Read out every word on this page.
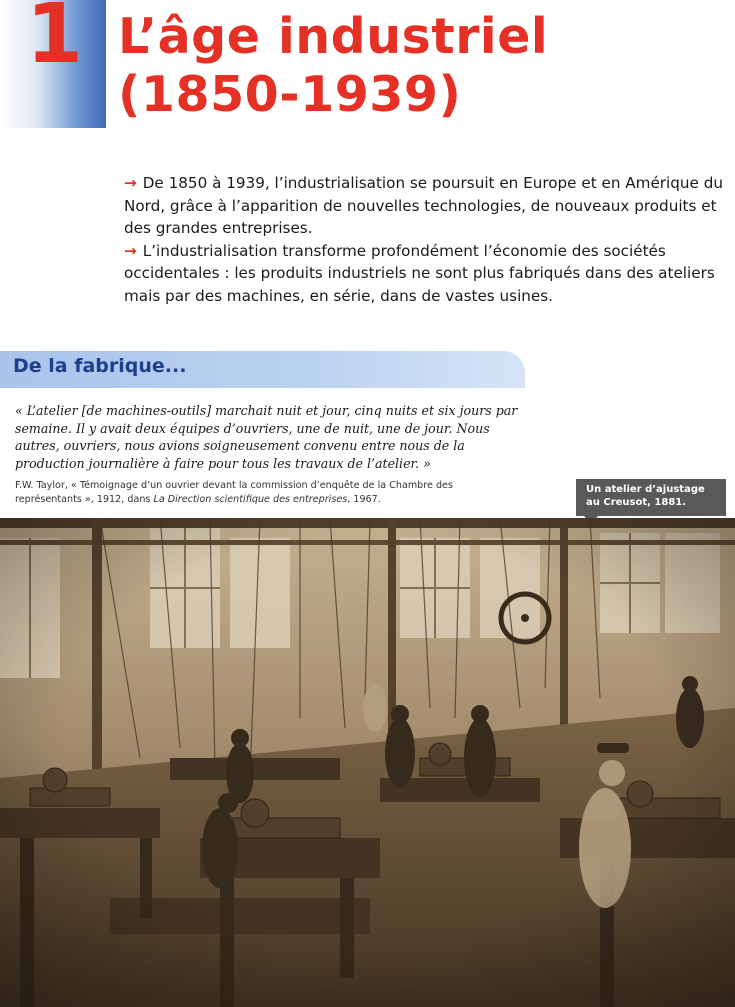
1 L’âge industriel
(1850-1939)

→ De 1850 à 1939, l’industrialisation se poursuit en Europe et en Amérique du Nord, grâce à l’apparition de nouvelles technologies, de nouveaux produits et des grandes entreprises.

→ L’industrialisation transforme profondément l’économie des sociétés occidentales : les produits industriels ne sont plus fabriqués dans des ateliers mais par des machines, en série, dans de vastes usines.

De la fabrique...

« L’atelier [de machines-outils] marchait nuit et jour, cinq nuits et six jours par semaine. Il y avait deux équipes d’ouvriers, une de nuit, une de jour. Nous autres, ouvriers, nous avions soigneusement convenu entre nous de la production journalière à faire pour tous les travaux de l’atelier. »

F.W. Taylor, « Témoignage d’un ouvrier devant la commission d’enquête de la Chambre des représentants », 1912, dans La Direction scientifique des entreprises, 1967.
Un atelier d’ajustage
au Creusot, 1881.
